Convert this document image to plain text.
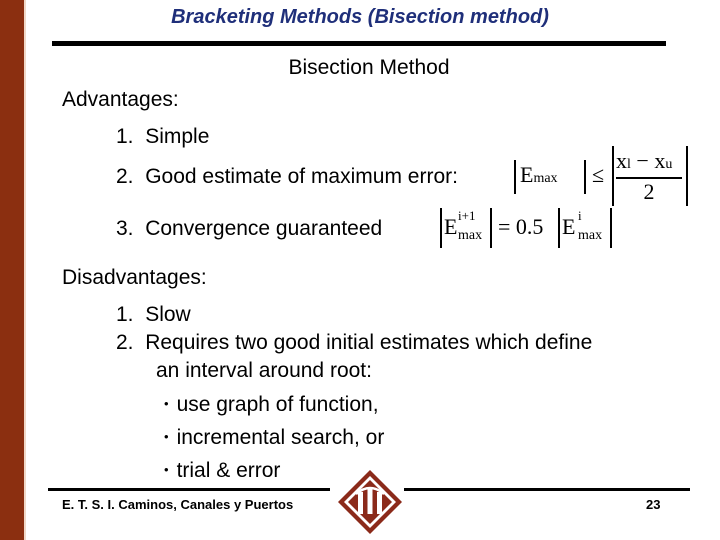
Bracketing Methods (Bisection method)
Bisection Method
Advantages:
1. Simple
2. Good estimate of maximum error:	Emax ≤
xl − xu
2
3. Convergence guaranteed	E i+1
max = 0.5 E i
max
Disadvantages:
1. Slow
2. Requires two good initial estimates which define
an interval around root:
• use graph of function,
• incremental search, or
• trial & error
E. T. S. I. Caminos, Canales y Puertos	23
